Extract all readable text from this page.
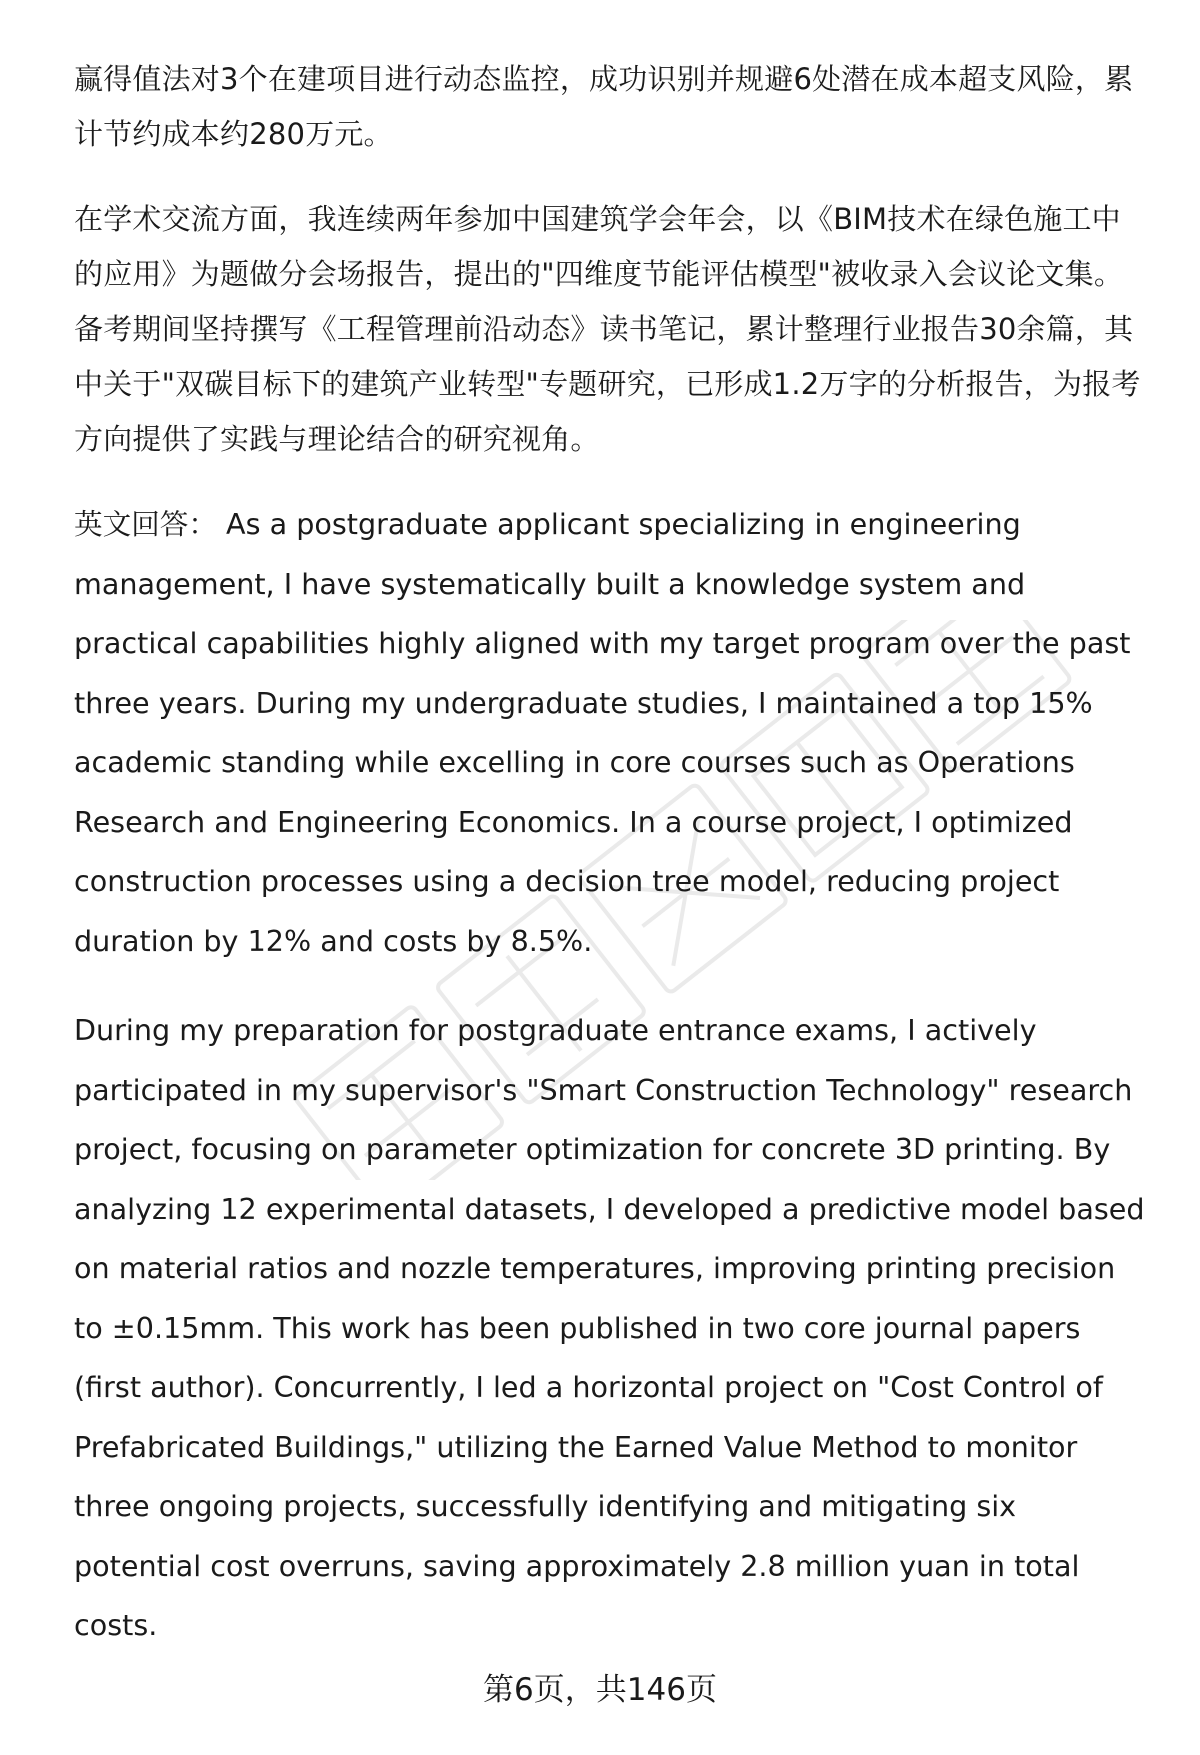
赢得值法对3个在建项目进行动态监控，成功识别并规避6处潜在成本超支风险，累计节约成本约280万元。

在学术交流方面，我连续两年参加中国建筑学会年会，以《BIM技术在绿色施工中的应用》为题做分会场报告，提出的"四维度节能评估模型"被收录入会议论文集。备考期间坚持撰写《工程管理前沿动态》读书笔记，累计整理行业报告30余篇，其中关于"双碳目标下的建筑产业转型"专题研究，已形成1.2万字的分析报告，为报考方向提供了实践与理论结合的研究视角。

英文回答： As a postgraduate applicant specializing in engineering management, I have systematically built a knowledge system and practical capabilities highly aligned with my target program over the past three years. During my undergraduate studies, I maintained a top 15% academic standing while excelling in core courses such as Operations Research and Engineering Economics. In a course project, I optimized construction processes using a decision tree model, reducing project duration by 12% and costs by 8.5%.

During my preparation for postgraduate entrance exams, I actively participated in my supervisor's "Smart Construction Technology" research project, focusing on parameter optimization for concrete 3D printing. By analyzing 12 experimental datasets, I developed a predictive model based on material ratios and nozzle temperatures, improving printing precision to ±0.15mm. This work has been published in two core journal papers (first author). Concurrently, I led a horizontal project on "Cost Control of Prefabricated Buildings," utilizing the Earned Value Method to monitor three ongoing projects, successfully identifying and mitigating six potential cost overruns, saving approximately 2.8 million yuan in total costs.

第6页，共146页
